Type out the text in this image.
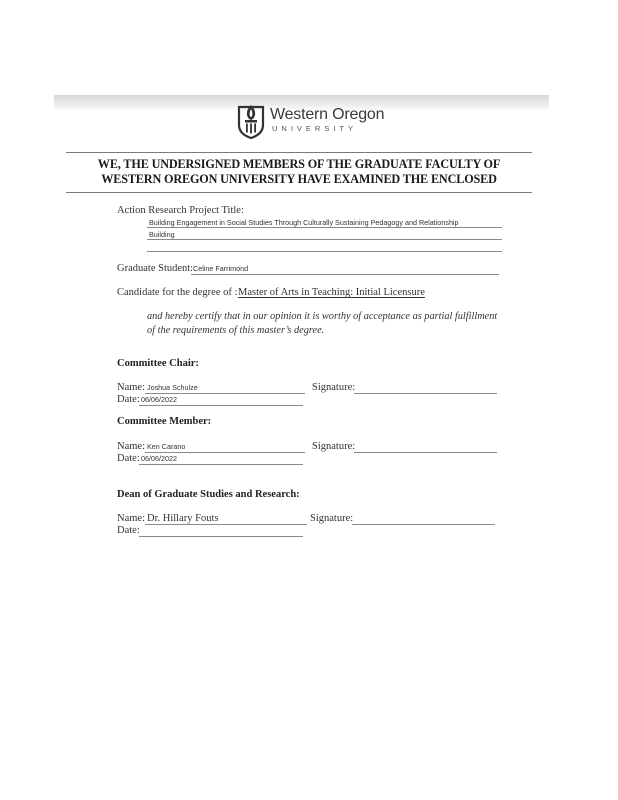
Western Oregon
UNIVERSITY
WE, THE UNDERSIGNED MEMBERS OF THE GRADUATE FACULTY OF
WESTERN OREGON UNIVERSITY HAVE EXAMINED THE ENCLOSED
Action Research Project Title:
Building Engagement in Social Studies Through Culturally Sustaining Pedagogy and Relationship
Building
Graduate Student: Celine Farrimond
Candidate for the degree of : Master of Arts in Teaching: Initial Licensure
and hereby certify that in our opinion it is worthy of acceptance as partial fulfillment of the requirements of this master’s degree.
Committee Chair:
Name: Joshua Schulze	Signature:
Date: 06/06/2022
Committee Member:
Name: Ken Carano	Signature:
Date: 06/06/2022
Dean of Graduate Studies and Research:
Name: Dr. Hillary Fouts	Signature:
Date:
